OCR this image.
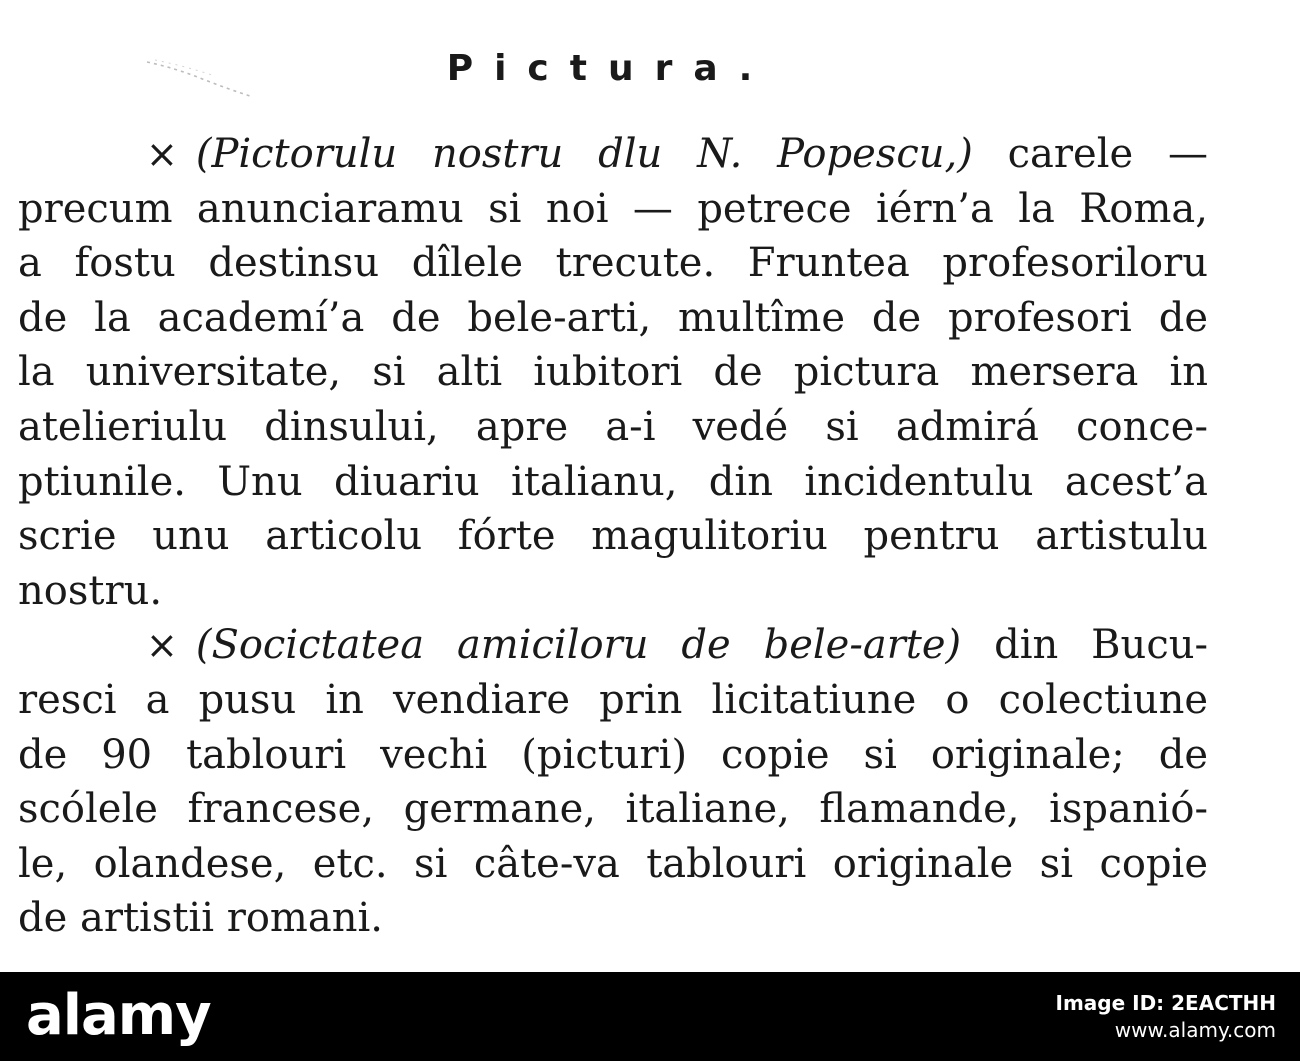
Pictura.
× (Pictorulu nostru dlu N. Popescu,) carele —
precum anunciaramu si noi — petrece iérn’a la Roma,
a fostu destinsu dîlele trecute. Fruntea profesoriloru
de la academí’a de bele-arti, multîme de profesori de
la universitate, si alti iubitori de pictura mersera in
atelieriulu dinsului, apre a-i vedé si admirá conce-
ptiunile. Unu diuariu italianu, din incidentulu acest’a
scrie unu articolu fórte magulitoriu pentru artistulu
nostru.
× (Socictatea amiciloru de bele-arte) din Bucu-
resci a pusu in vendiare prin licitatiune o colectiune
de 90 tablouri vechi (picturi) copie si originale; de
scólele francese, germane, italiane, flamande, ispanió-
le, olandese, etc. si câte-va tablouri originale si copie
de artistii romani.
alamy	Image ID: 2EACTHH
www.alamy.com
